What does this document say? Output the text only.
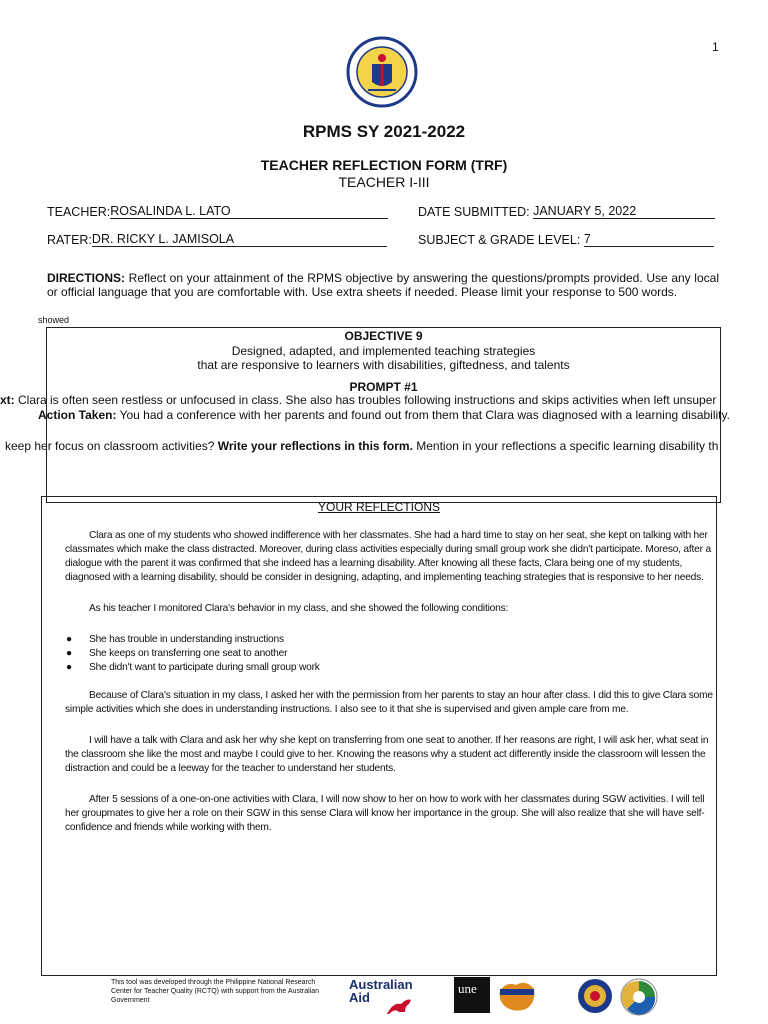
1
RPMS SY 2021-2022
TEACHER REFLECTION FORM (TRF)
TEACHER I-III
TEACHER:ROSALINDA L. LATO	DATE SUBMITTED: JANUARY 5, 2022
RATER:DR. RICKY L. JAMISOLA	SUBJECT & GRADE LEVEL: 7
DIRECTIONS: Reflect on your attainment of the RPMS objective by answering the questions/prompts provided. Use any local or official language that you are comfortable with. Use extra sheets if needed. Please limit your response to 500 words.
showed
OBJECTIVE 9
Designed, adapted, and implemented teaching strategies
that are responsive to learners with disabilities, giftedness, and talents
PROMPT #1
xt: Clara is often seen restless or unfocused in class. She also has troubles following instructions and skips activities when left unsuper
Action Taken: You had a conference with her parents and found out from them that Clara was diagnosed with a learning disability.
keep her focus on classroom activities? Write your reflections in this form. Mention in your reflections a specific learning disability th
YOUR REFLECTIONS

Clara as one of my students who showed indifference with her classmates. She had a hard time to stay on her seat, she kept on talking with her classmates which make the class distracted. Moreover, during class activities especially during small group work she didn't participate. Moreso, after a dialogue with the parent it was confirmed that she indeed has a learning disability. After knowing all these facts, Clara being one of my students, diagnosed with a learning disability, should be consider in designing, adapting, and implementing teaching strategies that is responsive to her needs.

As his teacher I monitored Clara's behavior in my class, and she showed the following conditions:

● She has trouble in understanding instructions
● She keeps on transferring one seat to another
● She didn't want to participate during small group work

Because of Clara's situation in my class, I asked her with the permission from her parents to stay an hour after class. I did this to give Clara some simple activities which she does in understanding instructions. I also see to it that she is supervised and given ample care from me.

I will have a talk with Clara and ask her why she kept on transferring from one seat to another. If her reasons are right, I will ask her, what seat in the classroom she like the most and maybe I could give to her. Knowing the reasons why a student act differently inside the classroom will lessen the distraction and could be a leeway for the teacher to understand her students.

After 5 sessions of a one-on-one activities with Clara, I will now show to her on how to work with her classmates during SGW activities. I will tell her groupmates to give her a role on their SGW in this sense Clara will know her importance in the group. She will also realize that she will have self-confidence and friends while working with them.

This tool was developed through the Philippine National Research Center for Teacher Quality (RCTQ) with support from the Australian Government
Australian
Aid
une
